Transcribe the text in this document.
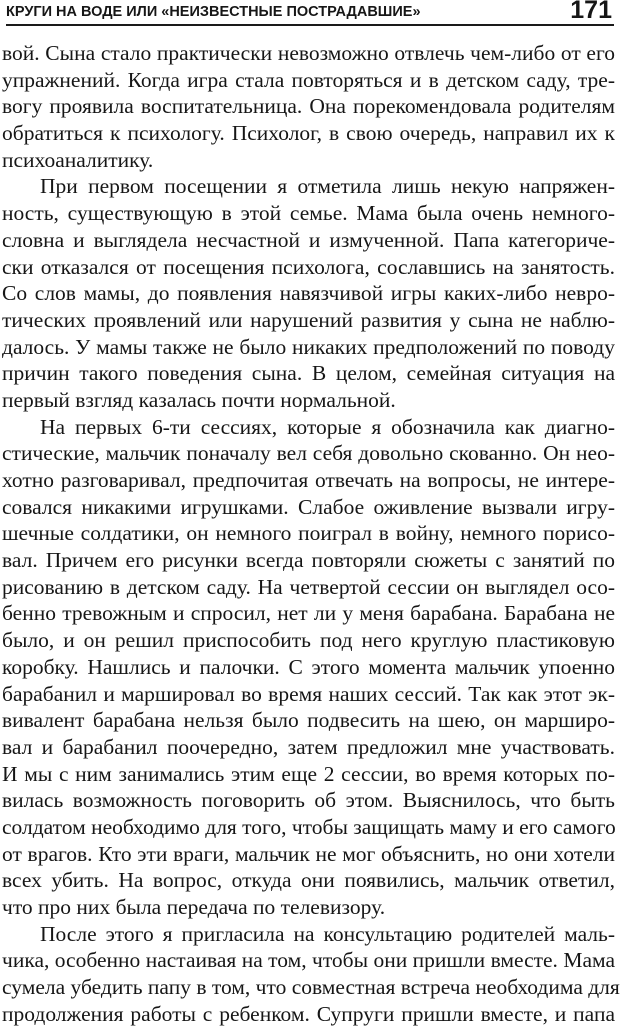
КРУГИ НА ВОДЕ ИЛИ «НЕИЗВЕСТНЫЕ ПОСТРАДАВШИЕ»	171
вой. Сына стало практически невозможно отвлечь чем-либо от его
упражнений. Когда игра стала повторяться и в детском саду, тре-
вогу проявила воспитательница. Она порекомендовала родителям
обратиться к психологу. Психолог, в свою очередь, направил их к
психоаналитику.
При первом посещении я отметила лишь некую напряжен-
ность, существующую в этой семье. Мама была очень немного-
словна и выглядела несчастной и измученной. Папа категориче-
ски отказался от посещения психолога, сославшись на занятость.
Со слов мамы, до появления навязчивой игры каких-либо невро-
тических проявлений или нарушений развития у сына не наблю-
далось. У мамы также не было никаких предположений по поводу
причин такого поведения сына. В целом, семейная ситуация на
первый взгляд казалась почти нормальной.
На первых 6-ти сессиях, которые я обозначила как диагно-
стические, мальчик поначалу вел себя довольно скованно. Он нео-
хотно разговаривал, предпочитая отвечать на вопросы, не интере-
совался никакими игрушками. Слабое оживление вызвали игру-
шечные солдатики, он немного поиграл в войну, немного порисо-
вал. Причем его рисунки всегда повторяли сюжеты с занятий по
рисованию в детском саду. На четвертой сессии он выглядел осо-
бенно тревожным и спросил, нет ли у меня барабана. Барабана не
было, и он решил приспособить под него круглую пластиковую
коробку. Нашлись и палочки. С этого момента мальчик упоенно
барабанил и маршировал во время наших сессий. Так как этот эк-
вивалент барабана нельзя было подвесить на шею, он марширо-
вал и барабанил поочередно, затем предложил мне участвовать.
И мы с ним занимались этим еще 2 сессии, во время которых по-
вилась возможность поговорить об этом. Выяснилось, что быть
солдатом необходимо для того, чтобы защищать маму и его самого
от врагов. Кто эти враги, мальчик не мог объяснить, но они хотели
всех убить. На вопрос, откуда они появились, мальчик ответил,
что про них была передача по телевизору.
После этого я пригласила на консультацию родителей маль-
чика, особенно настаивая на том, чтобы они пришли вместе. Мама
сумела убедить папу в том, что совместная встреча необходима для
продолжения работы с ребенком. Супруги пришли вместе, и папа
